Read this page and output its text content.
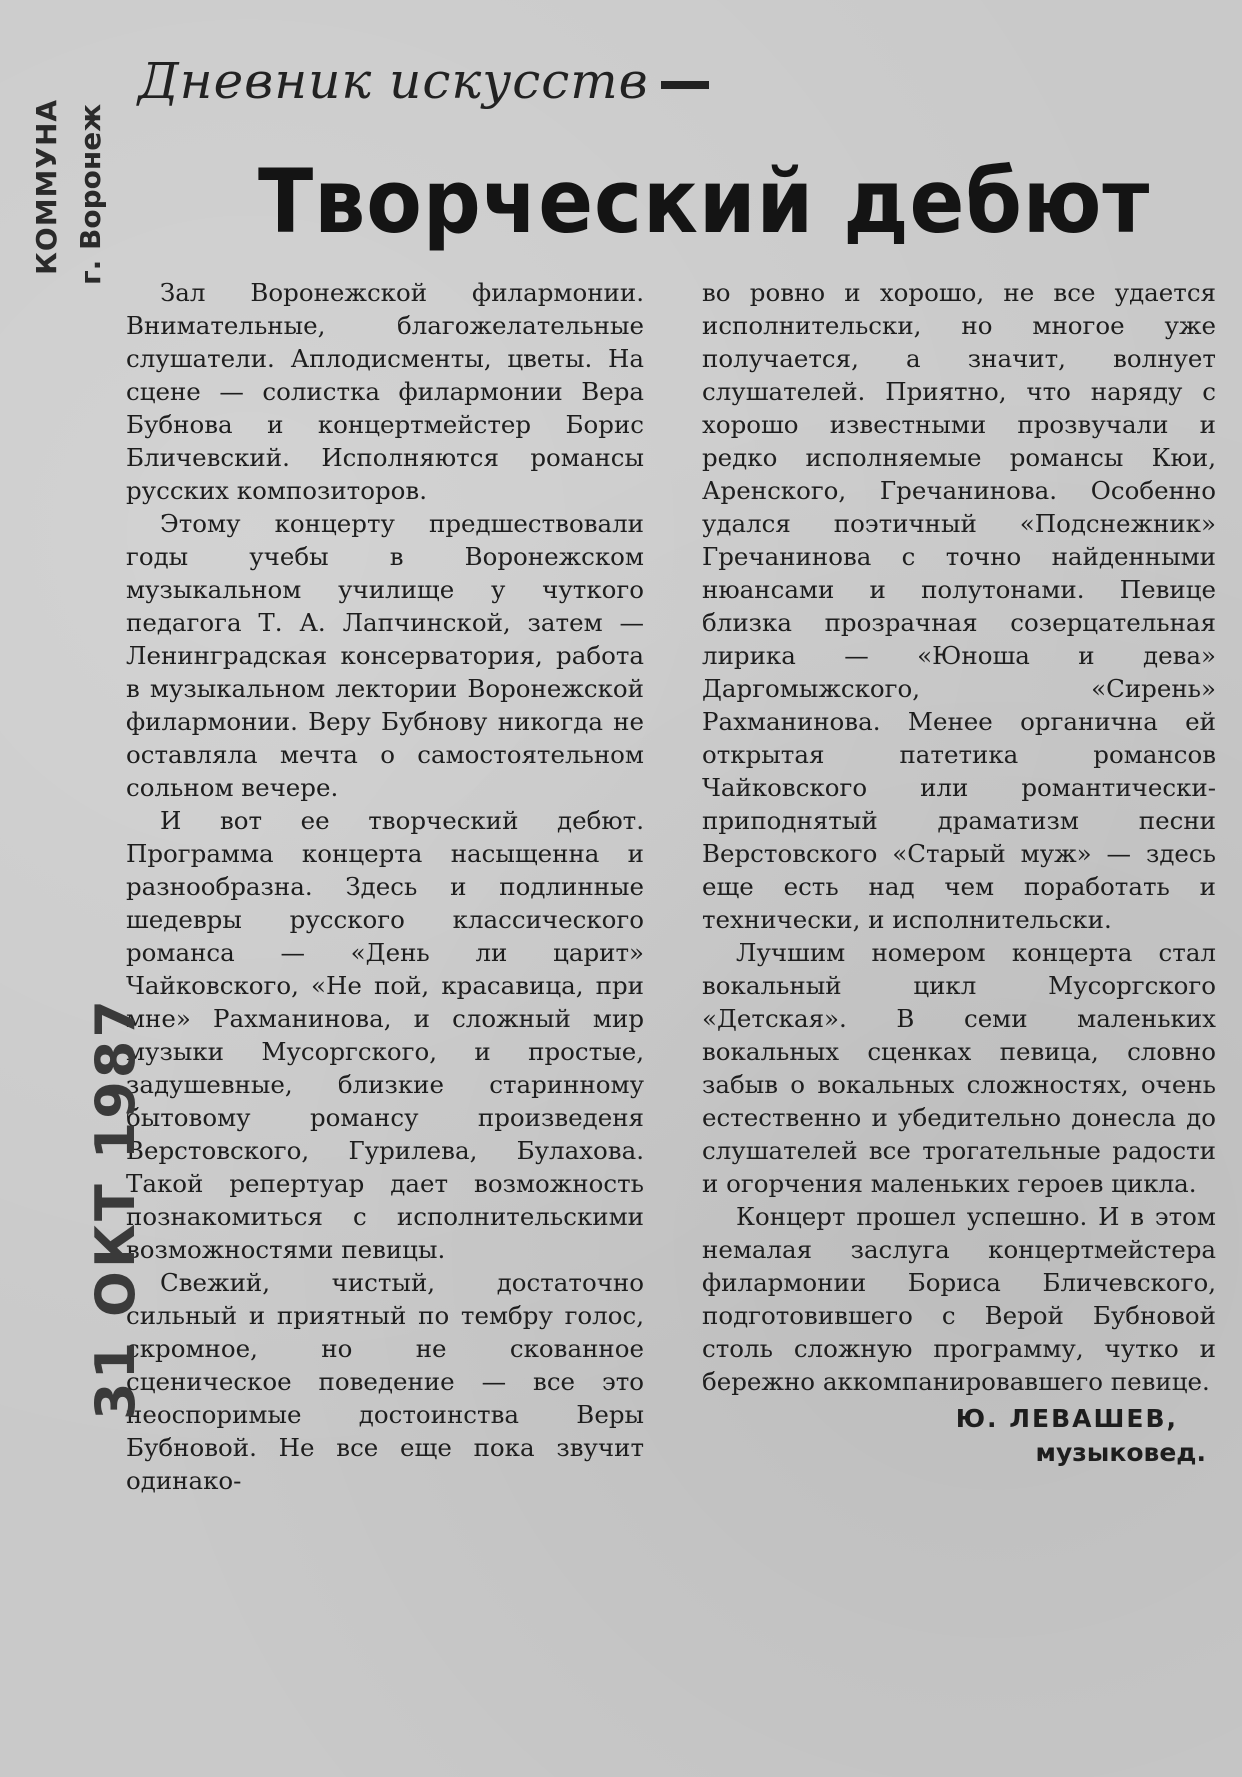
КОММУНА г. Воронеж
Дневник искусств
Творческий дебют

Зал Воронежской филармонии. Внимательные, благожелательные слушатели. Аплодисменты, цветы. На сцене — солистка филармонии Вера Бубнова и концертмейстер Борис Бличевский. Исполняются романсы русских композиторов.

Этому концерту предшествовали годы учебы в Воронежском музыкальном училище у чуткого педагога Т. А. Лапчинской, затем — Ленинградская консерватория, работа в музыкальном лектории Воронежской филармонии. Веру Бубнову никогда не оставляла мечта о самостоятельном сольном вечере.

И вот ее творческий дебют. Программа концерта насыщенна и разнообразна. Здесь и подлинные шедевры русского классического романса — «День ли царит» Чайковского, «Не пой, красавица, при мне» Рахманинова, и сложный мир музыки Мусоргского, и простые, задушевные, близкие старинному бытовому романсу произведеня Верстовского, Гурилева, Булахова. Такой репертуар дает возможность познакомиться с исполнительскими возможностями певицы.

Свежий, чистый, достаточно сильный и приятный по тембру голос, скромное, но не скованное сценическое поведение — все это неоспоримые достоинства Веры Бубновой. Не все еще пока звучит одинако-

во ровно и хорошо, не все удается исполнительски, но многое уже получается, а значит, волнует слушателей. Приятно, что наряду с хорошо известными прозвучали и редко исполняемые романсы Кюи, Аренского, Гречанинова. Особенно удался поэтичный «Подснежник» Гречанинова с точно найденными нюансами и полутонами. Певице близка прозрачная созерцательная лирика — «Юноша и дева» Даргомыжского, «Сирень» Рахманинова. Менее органична ей открытая патетика романсов Чайковского или романтически-приподнятый драматизм песни Верстовского «Старый муж» — здесь еще есть над чем поработать и технически, и исполнительски.

Лучшим номером концерта стал вокальный цикл Мусоргского «Детская». В семи маленьких вокальных сценках певица, словно забыв о вокальных сложностях, очень естественно и убедительно донесла до слушателей все трогательные радости и огорчения маленьких героев цикла.

Концерт прошел успешно. И в этом немалая заслуга концертмейстера филармонии Бориса Бличевского, подготовившего с Верой Бубновой столь сложную программу, чутко и бережно аккомпанировавшего певице.

Ю. ЛЕВАШЕВ,
музыковед.
31 ОКТ 1987
